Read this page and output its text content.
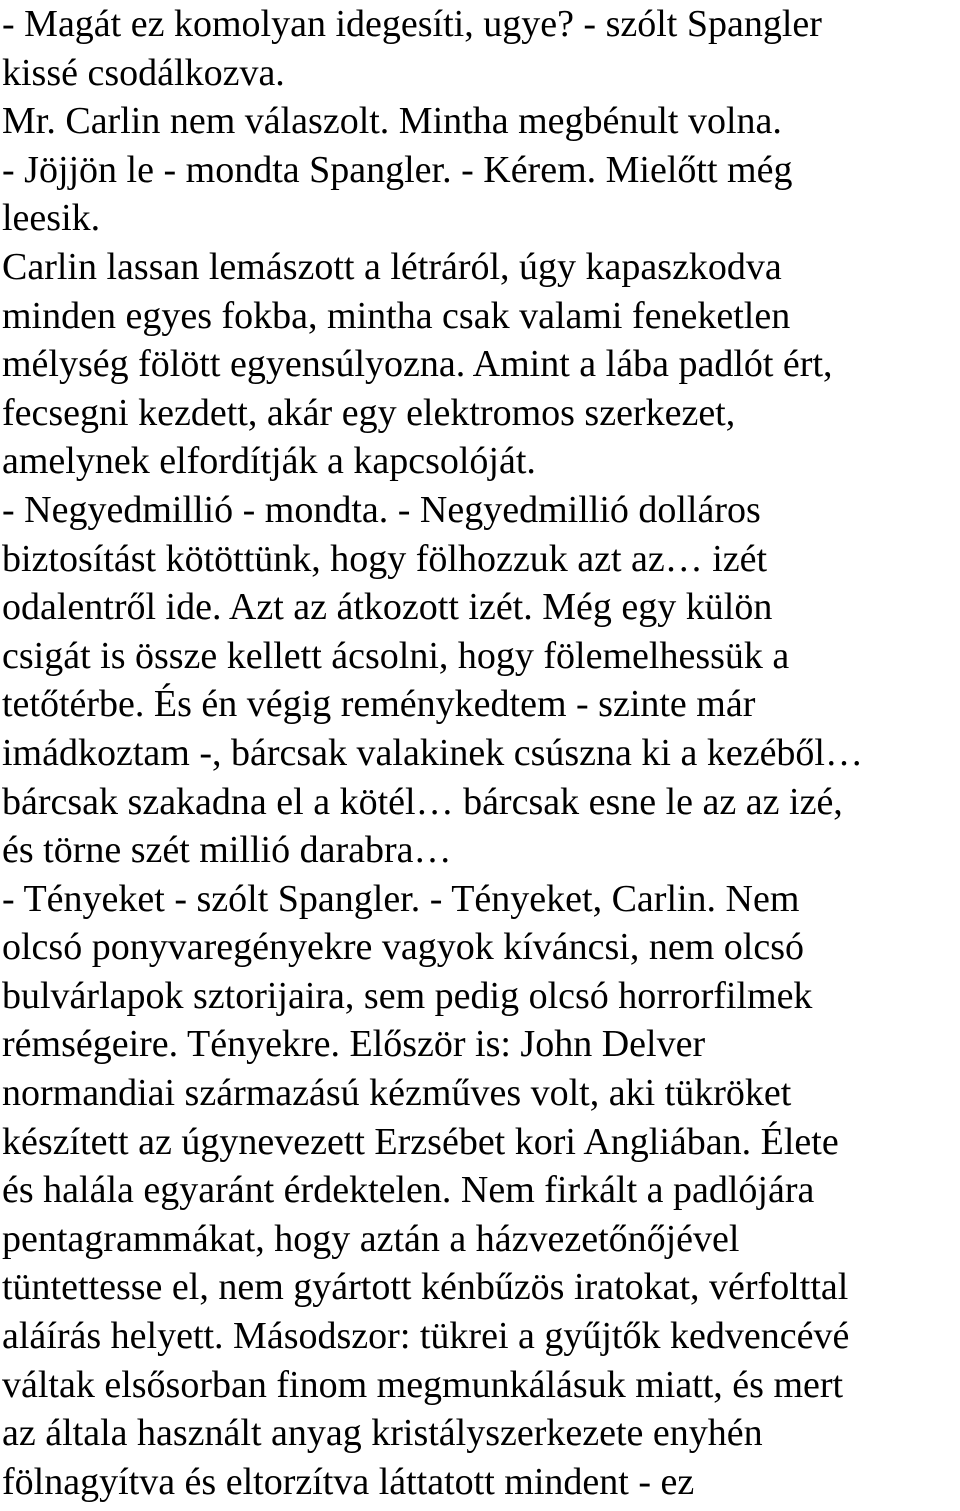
- Magát ez komolyan idegesíti, ugye? - szólt Spangler

kissé csodálkozva.

Mr. Carlin nem válaszolt. Mintha megbénult volna.

- Jöjjön le - mondta Spangler. - Kérem. Mielőtt még

leesik.

Carlin lassan lemászott a létráról, úgy kapaszkodva

minden egyes fokba, mintha csak valami feneketlen

mélység fölött egyensúlyozna. Amint a lába padlót ért,

fecsegni kezdett, akár egy elektromos szerkezet,

amelynek elfordítják a kapcsolóját.

- Negyedmillió - mondta. - Negyedmillió dolláros

biztosítást kötöttünk, hogy fölhozzuk azt az… izét

odalentről ide. Azt az átkozott izét. Még egy külön

csigát is össze kellett ácsolni, hogy fölemelhessük a

tetőtérbe. És én végig reménykedtem - szinte már

imádkoztam -, bárcsak valakinek csúszna ki a kezéből…

bárcsak szakadna el a kötél… bárcsak esne le az az izé,

és törne szét millió darabra…

- Tényeket - szólt Spangler. - Tényeket, Carlin. Nem

olcsó ponyvaregényekre vagyok kíváncsi, nem olcsó

bulvárlapok sztorijaira, sem pedig olcsó horrorfilmek

rémségeire. Tényekre. Először is: John Delver

normandiai származású kézműves volt, aki tükröket

készített az úgynevezett Erzsébet kori Angliában. Élete

és halála egyaránt érdektelen. Nem firkált a padlójára

pentagrammákat, hogy aztán a házvezetőnőjével

tüntettesse el, nem gyártott kénbűzös iratokat, vérfolttal

aláírás helyett. Másodszor: tükrei a gyűjtők kedvencévé

váltak elsősorban finom megmunkálásuk miatt, és mert

az általa használt anyag kristályszerkezete enyhén

fölnagyítva és eltorzítva láttatott mindent - ez
